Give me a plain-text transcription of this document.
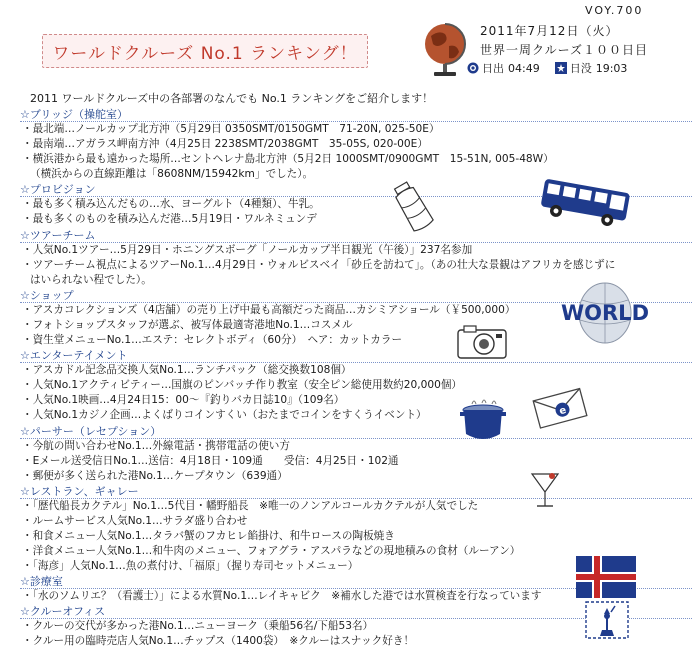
VOY.700
2011年7月12日（火）
世界一周クルーズ１００日目
日出 04:49	日没 19:03
ワールドクルーズ No.1 ランキング！
2011 ワールドクルーズ中の各部署のなんでも No.1 ランキングをご紹介します！
☆ブリッジ（操舵室）
・最北端…ノールカップ北方沖（5月29日 0350SMT/0150GMT　71-20N, 025-50E）
・最南端…アガラス岬南方沖（4月25日 2238SMT/2038GMT　35-05S, 020-00E）
・横浜港から最も遠かった場所…セントヘレナ島北方沖（5月2日 1000SMT/0900GMT　15-51N, 005-48W）
（横浜からの直線距離は「8608NM/15942km」でした）。
☆プロビジョン
・最も多く積み込んだもの…水、ヨーグルト（4種類）、牛乳。
・最も多くのものを積み込んだ港…5月19日・ワルネミュンデ
☆ツアーチーム
・人気No.1ツアー…5月29日・ホニングスボーグ「ノールカップ半日観光（午後）」237名参加
・ツアーチーム視点によるツアーNo.1…4月29日・ウォルビスベイ「砂丘を訪ねて」。（あの壮大な景観はアフリカを感じずに
はいられない程でした）。
☆ショップ
・アスカコレクションズ（4店舗）の売り上げ中最も高額だった商品…カシミアショール（￥500,000）
・フォトショップスタッフが選ぶ、被写体最適寄港地No.1…コスメル
・資生堂メニューNo.1…エステ：セレクトボディ（60分）　ヘア：カットカラー
☆エンターテイメント
・アスカドル記念品交換人気No.1…ランチパック（総交換数108個）
・人気No.1アクティビティー…国旗のピンバッチ作り教室（安全ピン総使用数約20,000個）
・人気No.1映画…4月24日15：00～『釣りバカ日誌10』（109名）
・人気No.1カジノ企画…よくばりコインすくい（おたまでコインをすくうイベント）
☆パーサー（レセプション）
・今航の問い合わせNo.1…外線電話・携帯電話の使い方
・Eメール送受信日No.1…送信：4月18日・109通　　受信：4月25日・102通
・郵便が多く送られた港No.1…ケープタウン（639通）
☆レストラン、ギャレー
・「歴代船長カクテル」No.1…5代目・幡野船長　※唯一のノンアルコールカクテルが人気でした
・ルームサービス人気No.1…サラダ盛り合わせ
・和食メニュー人気No.1…タラバ蟹のフカヒレ餡掛け、和牛ロースの陶板焼き
・洋食メニュー人気No.1…和牛肉のメニュー、フォアグラ・アスパラなどの現地積みの食材（ルーアン）
・「海彦」人気No.1…魚の煮付け、「福原」（握り寿司セットメニュー）
☆診療室
・「水のソムリエ？（看護士）」による水質No.1…レイキャビク　※補水した港では水質検査を行なっています
☆クルーオフィス
・クルーの交代が多かった港No.1…ニューヨーク（乗船56名/下船53名）
・クルー用の臨時売店人気No.1…チップス（1400袋）　※クルーはスナック好き！
WORLD
e
